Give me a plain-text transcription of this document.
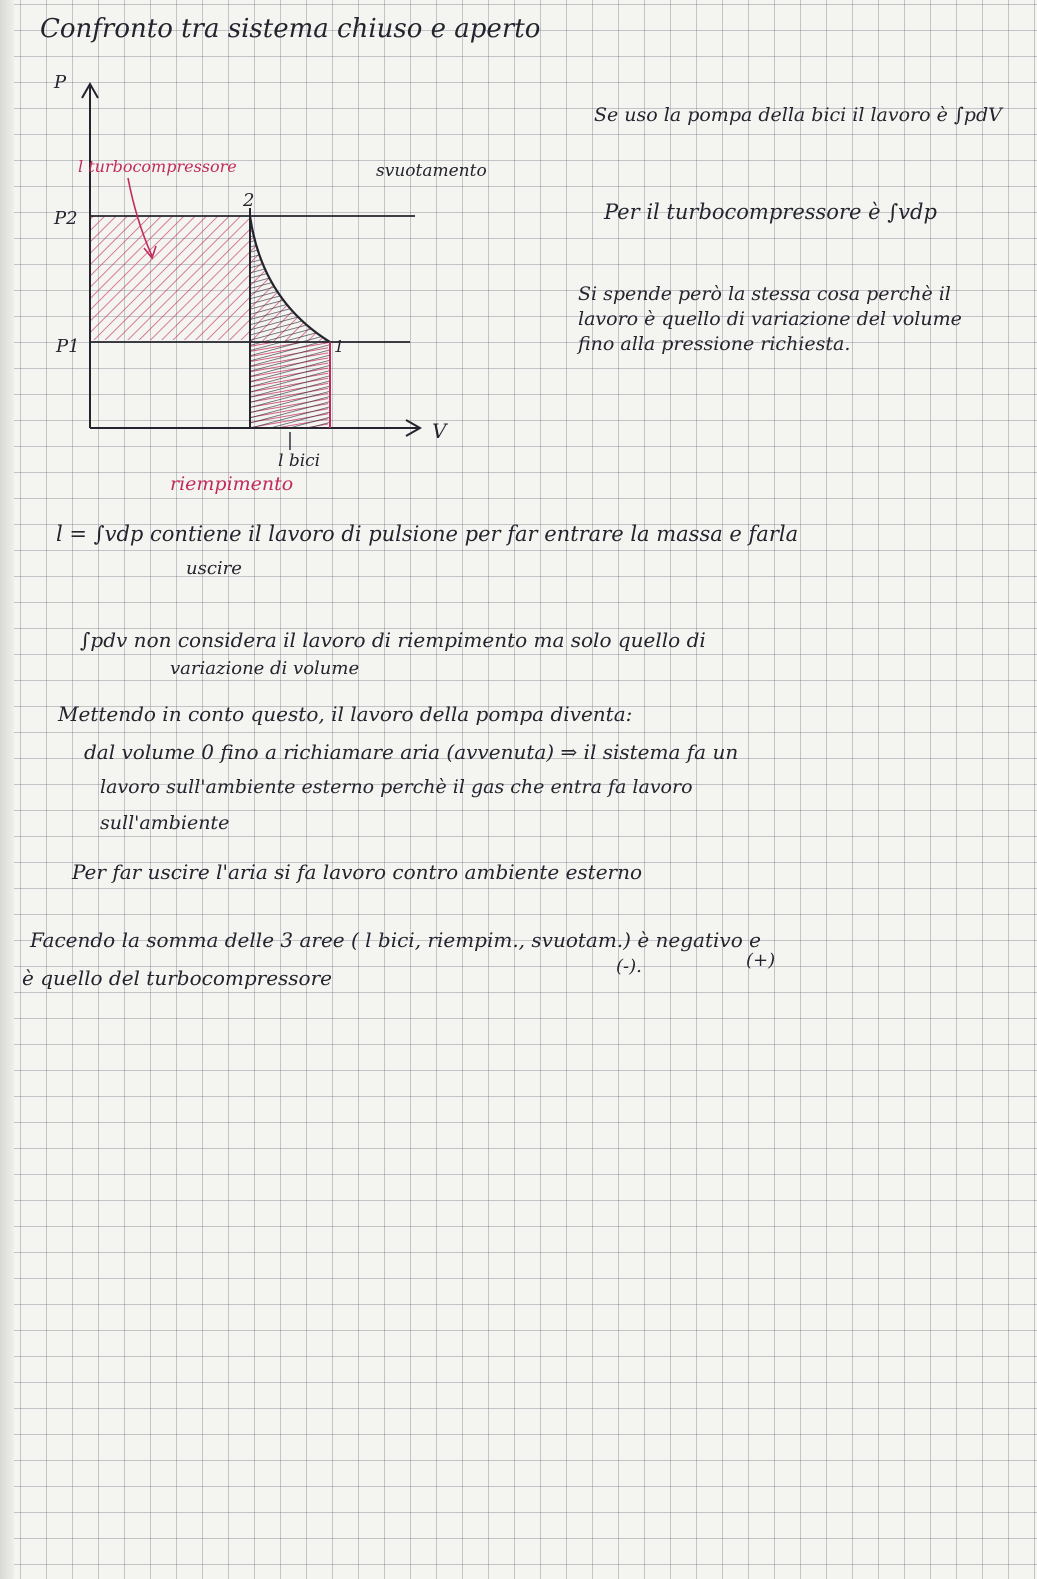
Confronto tra sistema chiuso e aperto
P
V
P2
P1
2
1
l turbocompressore	svuotamento
l bici
riempimento
Se uso la pompa della bici il lavoro è ∫pdV
Per il turbocompressore è ∫vdp
Si spende però la stessa cosa perchè il lavoro è quello di variazione del volume fino alla pressione richiesta.
l = ∫vdp contiene il lavoro di pulsione per far entrare la massa e farla
uscire
∫pdv non considera il lavoro di riempimento ma solo quello di
variazione di volume
Mettendo in conto questo, il lavoro della pompa diventa:
dal volume 0 fino a richiamare aria (avvenuta) ⇒ il sistema fa un
lavoro sull'ambiente esterno perchè il gas che entra fa lavoro
sull'ambiente
Per far uscire l'aria si fa lavoro contro ambiente esterno
Facendo la somma delle 3 aree ( l bici, riempim., svuotam.) è negativo e
(-).	(+)
è quello del turbocompressore
